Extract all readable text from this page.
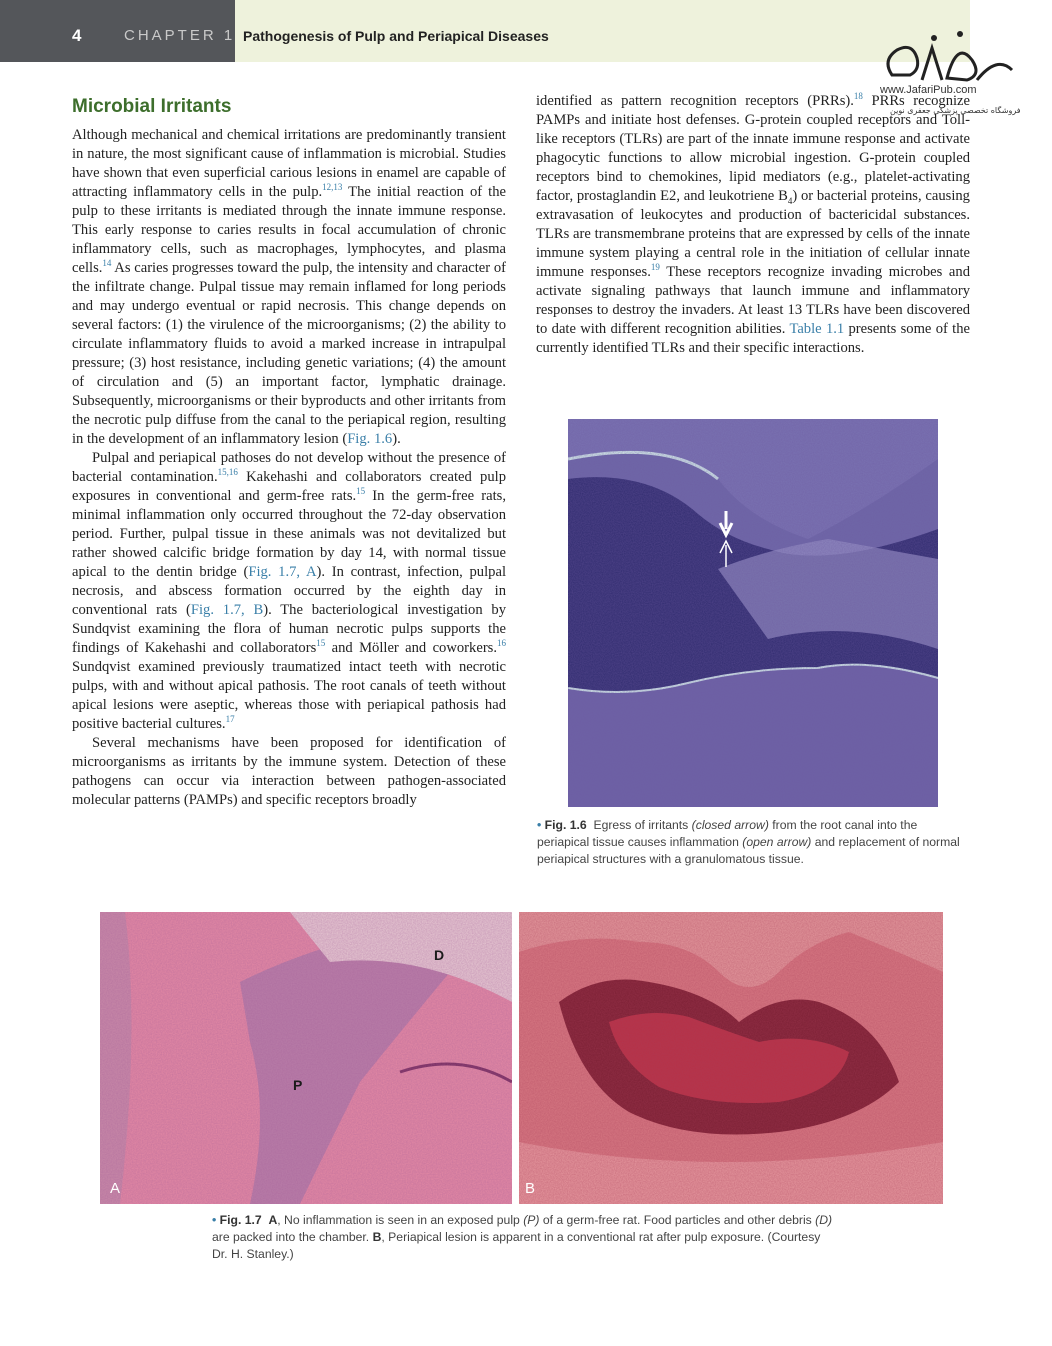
4	CHAPTER 1 Pathogenesis of Pulp and Periapical Diseases
www.JafariPub.com
فروشگاه تخصصی پزشکی جعفری نوین
Microbial Irritants

Although mechanical and chemical irritations are predominantly transient in nature, the most significant cause of inflammation is microbial. Studies have shown that even superficial carious lesions in enamel are capable of attracting inflammatory cells in the pulp.$^{12,13}$ The initial reaction of the pulp to these irritants is mediated through the innate immune response. This early response to caries results in focal accumulation of chronic inflammatory cells, such as macrophages, lymphocytes, and plasma cells.$^{14}$ As caries progresses toward the pulp, the intensity and character of the infiltrate change. Pulpal tissue may remain inflamed for long periods and may undergo eventual or rapid necrosis. This change depends on several factors: (1) the virulence of the microorganisms; (2) the ability to circulate inflammatory fluids to avoid a marked increase in intrapulpal pressure; (3) host resistance, including genetic variations; (4) the amount of circulation and (5) an important factor, lymphatic drainage. Subsequently, microorganisms or their byproducts and other irritants from the necrotic pulp diffuse from the canal to the periapical region, resulting in the development of an inflammatory lesion (Fig. 1.6).

Pulpal and periapical pathoses do not develop without the presence of bacterial contamination.$^{15,16}$ Kakehashi and collaborators created pulp exposures in conventional and germ-free rats.$^{15}$ In the germ-free rats, minimal inflammation only occurred throughout the 72-day observation period. Further, pulpal tissue in these animals was not devitalized but rather showed calcific bridge formation by day 14, with normal tissue apical to the dentin bridge (Fig. 1.7, A). In contrast, infection, pulpal necrosis, and abscess formation occurred by the eighth day in conventional rats (Fig. 1.7, B). The bacteriological investigation by Sundqvist examining the flora of human necrotic pulps supports the findings of Kakehashi and collaborators$^{15}$ and Möller and coworkers.$^{16}$ Sundqvist examined previously traumatized intact teeth with necrotic pulps, with and without apical pathosis. The root canals of teeth without apical lesions were aseptic, whereas those with periapical pathosis had positive bacterial cultures.$^{17}$

Several mechanisms have been proposed for identification of microorganisms as irritants by the immune system. Detection of these pathogens can occur via interaction between pathogen-associated molecular patterns (PAMPs) and specific receptors broadly

identified as pattern recognition receptors (PRRs).$^{18}$ PRRs recognize PAMPs and initiate host defenses. G-protein coupled receptors and Toll-like receptors (TLRs) are part of the innate immune response and activate phagocytic functions to allow microbial ingestion. G-protein coupled receptors bind to chemokines, lipid mediators (e.g., platelet-activating factor, prostaglandin E2, and leukotriene $B_4$) or bacterial proteins, causing extravasation of leukocytes and production of bactericidal substances. TLRs are transmembrane proteins that are expressed by cells of the innate immune system playing a central role in the initiation of cellular innate immune responses.$^{19}$ These receptors recognize invading microbes and activate signaling pathways that launch immune and inflammatory responses to destroy the invaders. At least 13 TLRs have been discovered to date with different recognition abilities. Table 1.1 presents some of the currently identified TLRs and their specific interactions.

• Fig. 1.6 Egress of irritants (closed arrow) from the root canal into the periapical tissue causes inflammation (open arrow) and replacement of normal periapical structures with a granulomatous tissue.
D
P
A	B
• Fig. 1.7 A, No inflammation is seen in an exposed pulp (P) of a germ-free rat. Food particles and other debris (D) are packed into the chamber. B, Periapical lesion is apparent in a conventional rat after pulp exposure. (Courtesy Dr. H. Stanley.)
